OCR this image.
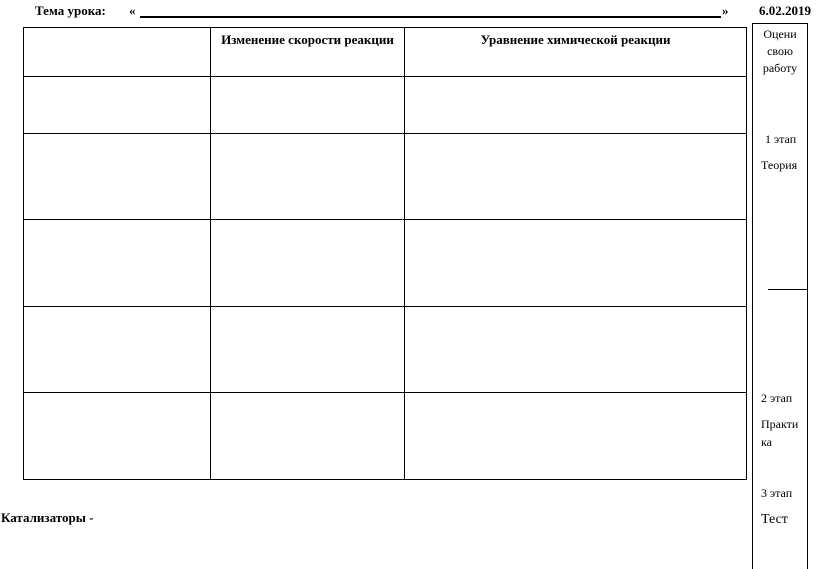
Тема урока: «	» 6.02.2019
	Изменение скорости реакции	Уравнение химической реакции

			Оцени
свою
работу
1 этап
Теория
2 этап
Практи
ка
3 этап
Тест
Катализаторы -
